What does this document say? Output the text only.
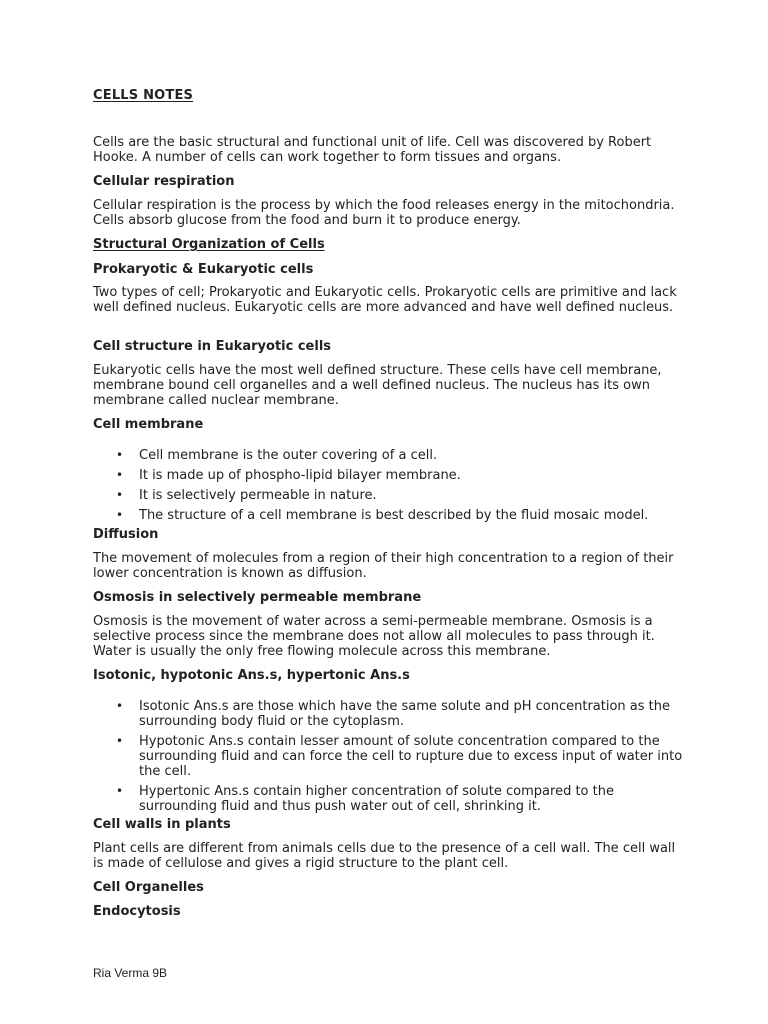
CELLS NOTES

Cells are the basic structural and functional unit of life. Cell was discovered by Robert Hooke. A number of cells can work together to form tissues and organs.

Cellular respiration

Cellular respiration is the process by which the food releases energy in the mitochondria. Cells absorb glucose from the food and burn it to produce energy.

Structural Organization of Cells
Prokaryotic & Eukaryotic cells

Two types of cell; Prokaryotic and Eukaryotic cells. Prokaryotic cells are primitive and lack well defined nucleus. Eukaryotic cells are more advanced and have well defined nucleus.

Cell structure in Eukaryotic cells

Eukaryotic cells have the most well defined structure. These cells have cell membrane, membrane bound cell organelles and a well defined nucleus. The nucleus has its own membrane called nuclear membrane.

Cell membrane
• Cell membrane is the outer covering of a cell.
• It is made up of phospho-lipid bilayer membrane.
• It is selectively permeable in nature.
• The structure of a cell membrane is best described by the fluid mosaic model.
Diffusion

The movement of molecules from a region of their high concentration to a region of their lower concentration is known as diffusion.

Osmosis in selectively permeable membrane

Osmosis is the movement of water across a semi-permeable membrane. Osmosis is a selective process since the membrane does not allow all molecules to pass through it. Water is usually the only free flowing molecule across this membrane.

Isotonic, hypotonic Ans.s, hypertonic Ans.s
• Isotonic Ans.s are those which have the same solute and pH concentration as the surrounding body fluid or the cytoplasm.
• Hypotonic Ans.s contain lesser amount of solute concentration compared to the surrounding fluid and can force the cell to rupture due to excess input of water into the cell.
• Hypertonic Ans.s contain higher concentration of solute compared to the surrounding fluid and thus push water out of cell, shrinking it.
Cell walls in plants

Plant cells are different from animals cells due to the presence of a cell wall. The cell wall is made of cellulose and gives a rigid structure to the plant cell.

Cell Organelles
Endocytosis
Ria Verma 9B
